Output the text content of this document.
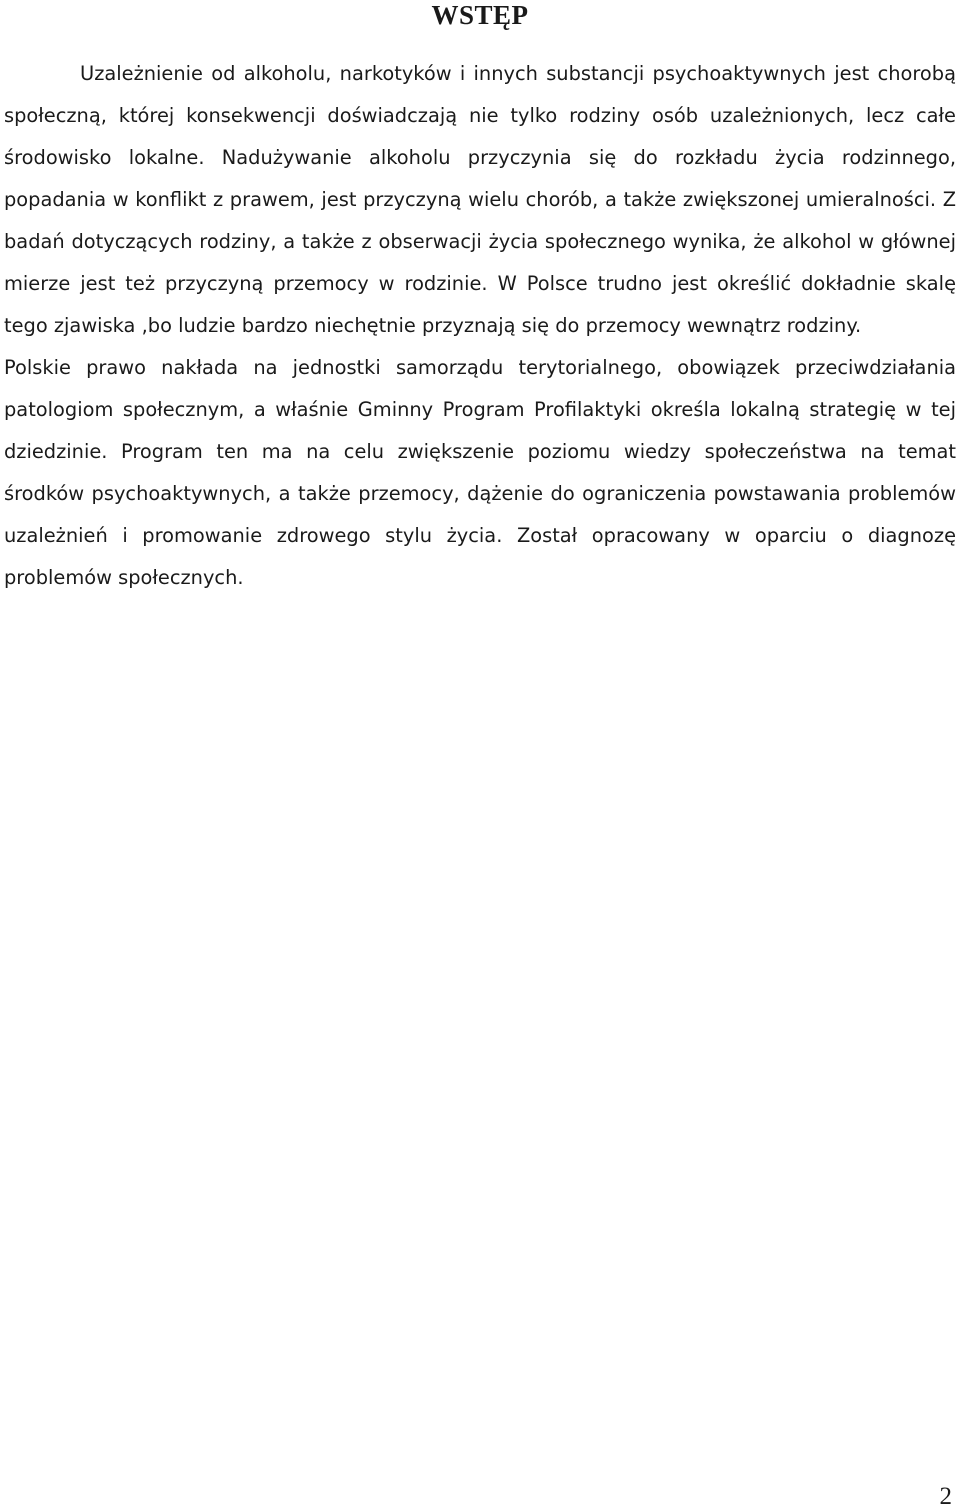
WSTĘP

Uzależnienie od alkoholu, narkotyków i innych substancji psychoaktywnych jest chorobą społeczną, której konsekwencji doświadczają nie tylko rodziny osób uzależnionych, lecz całe środowisko lokalne. Nadużywanie alkoholu przyczynia się do rozkładu życia rodzinnego, popadania w konflikt z prawem, jest przyczyną wielu chorób, a także zwiększonej umieralności. Z badań dotyczących rodziny, a także z obserwacji życia społecznego wynika, że alkohol w głównej mierze jest też przyczyną przemocy w rodzinie. W Polsce trudno jest określić dokładnie skalę tego zjawiska ,bo ludzie bardzo niechętnie przyznają się do przemocy wewnątrz rodziny.

Polskie prawo nakłada na jednostki samorządu terytorialnego, obowiązek przeciwdziałania patologiom społecznym, a właśnie Gminny Program Profilaktyki określa lokalną strategię w tej dziedzinie. Program ten ma na celu zwiększenie poziomu wiedzy społeczeństwa na temat środków psychoaktywnych, a także przemocy, dążenie do ograniczenia powstawania problemów uzależnień i promowanie zdrowego stylu życia. Został opracowany w oparciu o diagnozę problemów społecznych.

2
